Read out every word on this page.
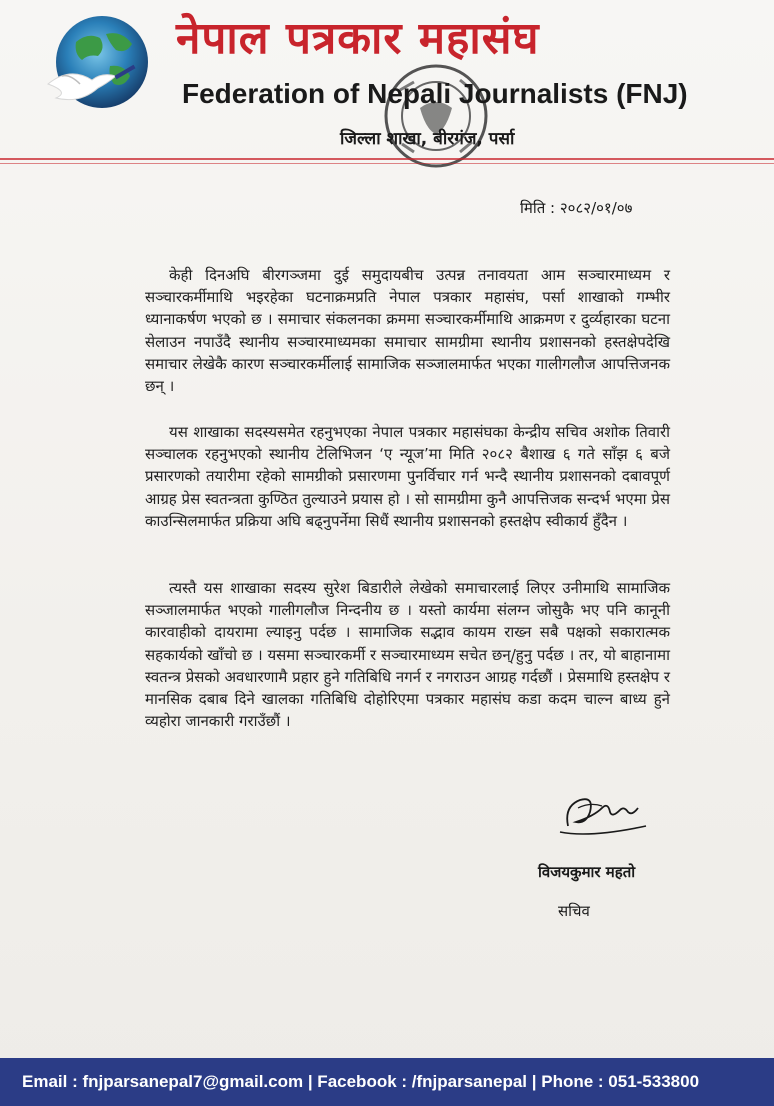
नेपाल पत्रकार महासंघ
Federation of Nepali Journalists (FNJ)
जिल्ला शाखा, बीरगंज, पर्सा
मिति : २०८२/०१/०७
केही दिनअघि बीरगञ्जमा दुई समुदायबीच उत्पन्न तनावयता आम सञ्चारमाध्यम र सञ्चारकर्मीमाथि भइरहेका घटनाक्रमप्रति नेपाल पत्रकार महासंघ, पर्सा शाखाको गम्भीर ध्यानाकर्षण भएको छ । समाचार संकलनका क्रममा सञ्चारकर्मीमाथि आक्रमण र दुर्व्यहारका घटना सेलाउन नपाउँदै स्थानीय सञ्चारमाध्यमका समाचार सामग्रीमा स्थानीय प्रशासनको हस्तक्षेपदेखि समाचार लेखेकै कारण सञ्चारकर्मीलाई सामाजिक सञ्जालमार्फत भएका गालीगलौज आपत्तिजनक छन् ।
यस शाखाका सदस्यसमेत रहनुभएका नेपाल पत्रकार महासंघका केन्द्रीय सचिव अशोक तिवारी सञ्चालक रहनुभएको स्थानीय टेलिभिजन ‘ए न्यूज’मा मिति २०८२ बैशाख ६ गते साँझ ६ बजे प्रसारणको तयारीमा रहेको सामग्रीको प्रसारणमा पुनर्विचार गर्न भन्दै स्थानीय प्रशासनको दबावपूर्ण आग्रह प्रेस स्वतन्त्रता कुण्ठित तुल्याउने प्रयास हो । सो सामग्रीमा कुनै आपत्तिजक सन्दर्भ भएमा प्रेस काउन्सिलमार्फत प्रक्रिया अघि बढ्नुपर्नेमा सिधैं स्थानीय प्रशासनको हस्तक्षेप स्वीकार्य हुँदैन ।
त्यस्तै यस शाखाका सदस्य सुरेश बिडारीले लेखेको समाचारलाई लिएर उनीमाथि सामाजिक सञ्जालमार्फत भएको गालीगलौज निन्दनीय छ । यस्तो कार्यमा संलग्न जोसुकै भए पनि कानूनी कारवाहीको दायरामा ल्याइनु पर्दछ । सामाजिक सद्भाव कायम राख्न सबै पक्षको सकारात्मक सहकार्यको खाँचो छ । यसमा सञ्चारकर्मी र सञ्चारमाध्यम सचेत छन्/हुनु पर्दछ । तर, यो बाहानामा स्वतन्त्र प्रेसको अवधारणामै प्रहार हुने गतिबिधि नगर्न र नगराउन आग्रह गर्दछौं । प्रेसमाथि हस्तक्षेप र मानसिक दबाब दिने खालका गतिबिधि दोहोरिएमा पत्रकार महासंघ कडा कदम चाल्न बाध्य हुने व्यहोरा जानकारी गराउँछौं ।
विजयकुमार महतो
सचिव
Email : fnjparsanepal7@gmail.com | Facebook : /fnjparsanepal | Phone : 051-533800
